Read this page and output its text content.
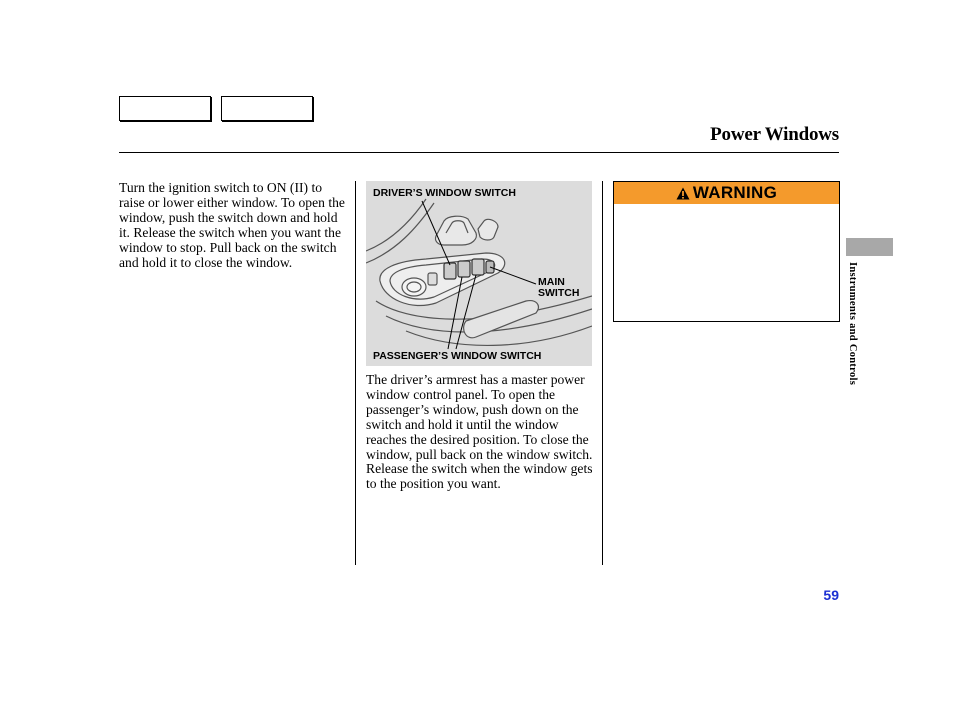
Power Windows

Turn the ignition switch to ON (II) to raise or lower either window. To open the window, push the switch down and hold it. Release the switch when you want the window to stop. Pull back on the switch and hold it to close the window.

DRIVER’S WINDOW SWITCH
MAIN
SWITCH
PASSENGER’S WINDOW SWITCH

The driver’s armrest has a master power window control panel. To open the passenger’s window, push down on the switch and hold it until the window reaches the desired position. To close the window, pull back on the window switch. Release the switch when the window gets to the position you want.

WARNING
Instruments and Controls
59
